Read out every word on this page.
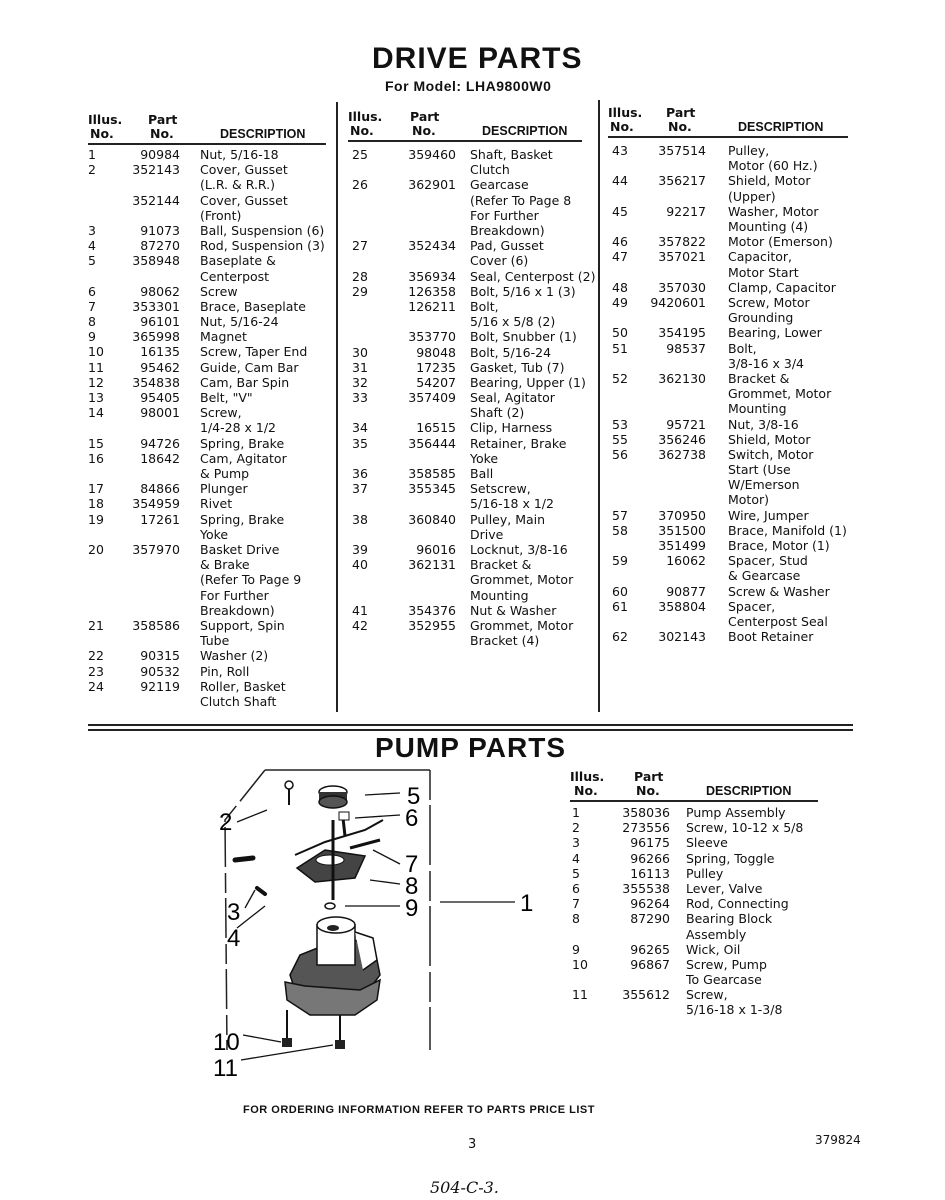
DRIVE PARTS
For Model: LHA9800W0
Illus.
No.
Part
No.	DESCRIPTION
Illus.
No.
Part
No.	DESCRIPTION
Illus.
No.
Part
No.	DESCRIPTION
1	90984 Nut, 5/16-18
2	352143 Cover, Gusset
(L.R. & R.R.)
352144 Cover, Gusset
(Front)
3	91073 Ball, Suspension (6)
4	87270 Rod, Suspension (3)
5	358948 Baseplate &
Centerpost
6	98062 Screw
7	353301 Brace, Baseplate
8	96101 Nut, 5/16-24
9	365998 Magnet
10	16135 Screw, Taper End
11	95462 Guide, Cam Bar
12	354838 Cam, Bar Spin
13	95405 Belt, "V"
14	98001 Screw,
1/4-28 x 1/2
15	94726 Spring, Brake
16	18642 Cam, Agitator
& Pump
17	84866 Plunger
18	354959 Rivet
19	17261 Spring, Brake
Yoke
20	357970 Basket Drive
& Brake
(Refer To Page 9
For Further
Breakdown)
21	358586 Support, Spin
Tube
22	90315 Washer (2)
23	90532 Pin, Roll
24	92119 Roller, Basket
Clutch Shaft
25	359460 Shaft, Basket
Clutch
26	362901 Gearcase
(Refer To Page 8
For Further
Breakdown)
27	352434 Pad, Gusset
Cover (6)
28	356934 Seal, Centerpost (2)
29	126358 Bolt, 5/16 x 1 (3)
126211 Bolt,
5/16 x 5/8 (2)
353770 Bolt, Snubber (1)
30	98048 Bolt, 5/16-24
31	17235 Gasket, Tub (7)
32	54207 Bearing, Upper (1)
33	357409 Seal, Agitator
Shaft (2)
34	16515 Clip, Harness
35	356444 Retainer, Brake
Yoke
36	358585 Ball
37	355345 Setscrew,
5/16-18 x 1/2
38	360840 Pulley, Main
Drive
39	96016 Locknut, 3/8-16
40	362131 Bracket &
Grommet, Motor
Mounting
41	354376 Nut & Washer
42	352955 Grommet, Motor
Bracket (4)
43	357514 Pulley,
Motor (60 Hz.)
44	356217 Shield, Motor
(Upper)
45	92217 Washer, Motor
Mounting (4)
46	357822 Motor (Emerson)
47	357021 Capacitor,
Motor Start
48	357030 Clamp, Capacitor
49	9420601 Screw, Motor
Grounding
50	354195 Bearing, Lower
51	98537 Bolt,
3/8-16 x 3/4
52	362130 Bracket &
Grommet, Motor
Mounting
53	95721 Nut, 3/8-16
55	356246 Shield, Motor
56	362738 Switch, Motor
Start (Use
W/Emerson
Motor)
57	370950 Wire, Jumper
58	351500 Brace, Manifold (1)
351499 Brace, Motor (1)
59	16062 Spacer, Stud
& Gearcase
60	90877 Screw & Washer
61	358804 Spacer,
Centerpost Seal
62	302143 Boot Retainer
PUMP PARTS
Illus.
No.
Part
No.	DESCRIPTION
1	358036 Pump Assembly
2	273556 Screw, 10-12 x 5/8
3	96175 Sleeve
4	96266 Spring, Toggle
5	16113 Pulley
6	355538 Lever, Valve
7	96264 Rod, Connecting
8	87290 Bearing Block
Assembly
9	96265 Wick, Oil
10	96867 Screw, Pump
To Gearcase
11	355612 Screw,
5/16-18 x 1-3/8
1
2
3
4
5
6
7
8
9
10
11
FOR ORDERING INFORMATION REFER TO PARTS PRICE LIST
3	379824
504-C-3.
